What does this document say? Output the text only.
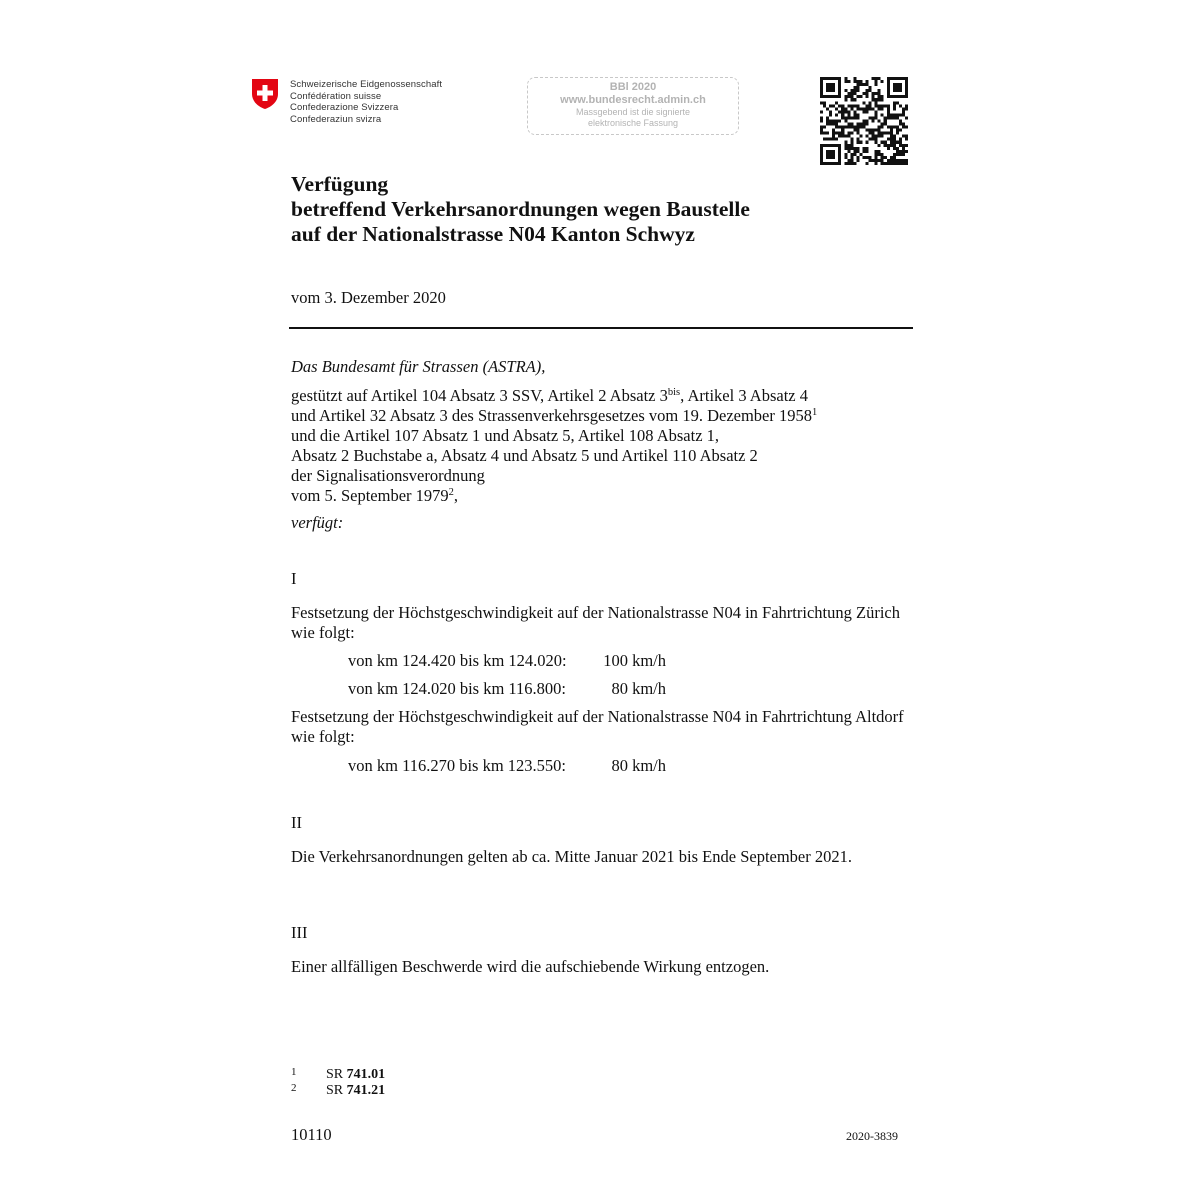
Schweizerische Eidgenossenschaft
Confédération suisse
Confederazione Svizzera
Confederaziun svizra
BBl 2020
www.bundesrecht.admin.ch
Massgebend ist die signierte
elektronische Fassung
Verfügung
betreffend Verkehrsanordnungen wegen Baustelle
auf der Nationalstrasse N04 Kanton Schwyz
vom 3. Dezember 2020
Das Bundesamt für Strassen (ASTRA),
gestützt auf Artikel 104 Absatz 3 SSV, Artikel 2 Absatz $3^{bis}$, Artikel 3 Absatz 4
und Artikel 32 Absatz 3 des Strassenverkehrsgesetzes vom 19. Dezember 1958$^1$
und die Artikel 107 Absatz 1 und Absatz 5, Artikel 108 Absatz 1,
Absatz 2 Buchstabe a, Absatz 4 und Absatz 5 und Artikel 110 Absatz 2
der Signalisationsverordnung
vom 5. September 1979$^2$,
verfügt:
I
Festsetzung der Höchstgeschwindigkeit auf der Nationalstrasse N04 in Fahrtrichtung Zürich wie folgt:
von km 124.420 bis km 124.020: 100 km/h
von km 124.020 bis km 116.800:	80 km/h
Festsetzung der Höchstgeschwindigkeit auf der Nationalstrasse N04 in Fahrtrichtung Altdorf wie folgt:
von km 116.270 bis km 123.550:	80 km/h
II
Die Verkehrsanordnungen gelten ab ca. Mitte Januar 2021 bis Ende September 2021.
III
Einer allfälligen Beschwerde wird die aufschiebende Wirkung entzogen.
1 SR 741.01
2 SR 741.21
10110	2020-3839
